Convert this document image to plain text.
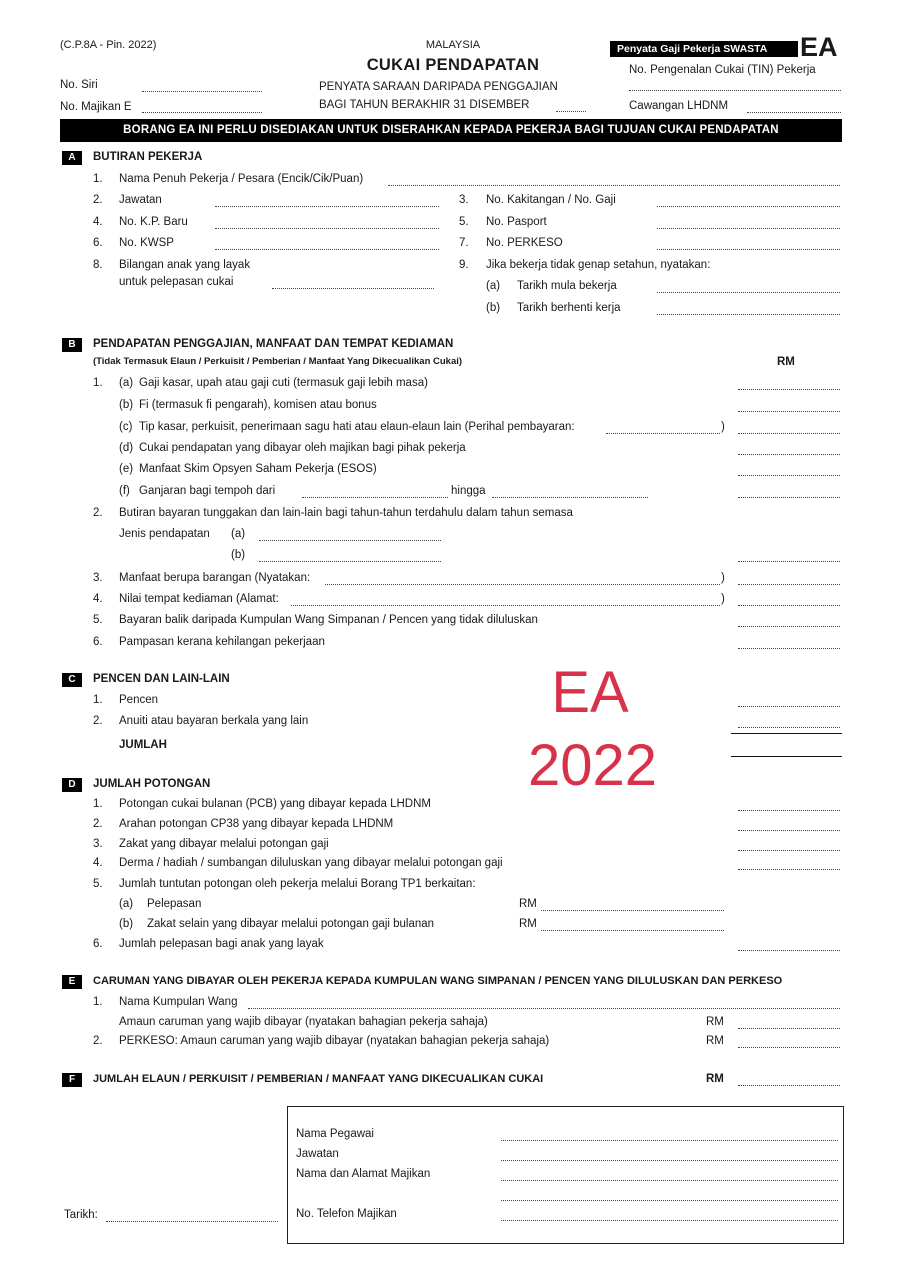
(C.P.8A - Pin. 2022)	MALAYSIA
CUKAI PENDAPATAN
PENYATA SARAAN DARIPADA PENGGAJIAN
BAGI TAHUN BERAKHIR 31 DISEMBER
No. Siri
No. Majikan E
Penyata Gaji Pekerja SWASTA	EA
No. Pengenalan Cukai (TIN) Pekerja
Cawangan LHDNM
BORANG EA INI PERLU DISEDIAKAN UNTUK DISERAHKAN KEPADA PEKERJA BAGI TUJUAN CUKAI PENDAPATAN
A	BUTIRAN PEKERJA
1. Nama Penuh Pekerja / Pesara (Encik/Cik/Puan)
2. Jawatan	3. No. Kakitangan / No. Gaji
4. No. K.P. Baru	5. No. Pasport
6. No. KWSP	7. No. PERKESO
8. Bilangan anak yang layak
untuk pelepasan cukai
9. Jika bekerja tidak genap setahun, nyatakan:
(a) Tarikh mula bekerja
(b) Tarikh berhenti kerja
B	PENDAPATAN PENGGAJIAN, MANFAAT DAN TEMPAT KEDIAMAN
(Tidak Termasuk Elaun / Perkuisit / Pemberian / Manfaat Yang Dikecualikan Cukai)	RM
1. (a) Gaji kasar, upah atau gaji cuti (termasuk gaji lebih masa)
(b) Fi (termasuk fi pengarah), komisen atau bonus
(c) Tip kasar, perkuisit, penerimaan sagu hati atau elaun-elaun lain (Perihal pembayaran:	)
(d) Cukai pendapatan yang dibayar oleh majikan bagi pihak pekerja
(e) Manfaat Skim Opsyen Saham Pekerja (ESOS)
(f) Ganjaran bagi tempoh dari	hingga
2. Butiran bayaran tunggakan dan lain-lain bagi tahun-tahun terdahulu dalam tahun semasa
Jenis pendapatan (a)
(b)
3. Manfaat berupa barangan (Nyatakan:	)
4. Nilai tempat kediaman (Alamat:	)
5. Bayaran balik daripada Kumpulan Wang Simpanan / Pencen yang tidak diluluskan
6. Pampasan kerana kehilangan pekerjaan
C	PENCEN DAN LAIN-LAIN
1. Pencen
2. Anuiti atau bayaran berkala yang lain
JUMLAH
EA
2022
D	JUMLAH POTONGAN
1. Potongan cukai bulanan (PCB) yang dibayar kepada LHDNM
2. Arahan potongan CP38 yang dibayar kepada LHDNM
3. Zakat yang dibayar melalui potongan gaji
4. Derma / hadiah / sumbangan diluluskan yang dibayar melalui potongan gaji
5. Jumlah tuntutan potongan oleh pekerja melalui Borang TP1 berkaitan:
(a) Pelepasan	RM
(b) Zakat selain yang dibayar melalui potongan gaji bulanan	RM
6. Jumlah pelepasan bagi anak yang layak
E	CARUMAN YANG DIBAYAR OLEH PEKERJA KEPADA KUMPULAN WANG SIMPANAN / PENCEN YANG DILULUSKAN DAN PERKESO
1. Nama Kumpulan Wang
Amaun caruman yang wajib dibayar (nyatakan bahagian pekerja sahaja)	RM
2. PERKESO: Amaun caruman yang wajib dibayar (nyatakan bahagian pekerja sahaja)	RM
F	JUMLAH ELAUN / PERKUISIT / PEMBERIAN / MANFAAT YANG DIKECUALIKAN CUKAI	RM
Tarikh:
Nama Pegawai
Jawatan
Nama dan Alamat Majikan
No. Telefon Majikan
